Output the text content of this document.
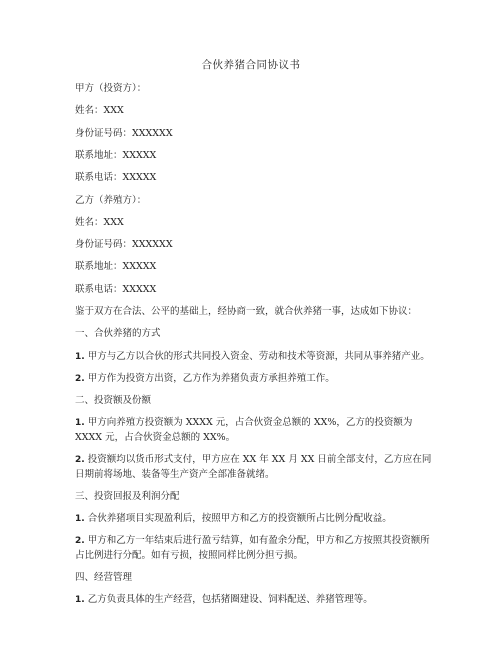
合伙养猪合同协议书
甲方（投资方）：
姓名：XXX
身份证号码：XXXXXX
联系地址：XXXXX
联系电话：XXXXX
乙方（养殖方）：
姓名：XXX
身份证号码：XXXXXX
联系地址：XXXXX
联系电话：XXXXX
鉴于双方在合法、公平的基础上，经协商一致，就合伙养猪一事，达成如下协议：
一、合伙养猪的方式
1. 甲方与乙方以合伙的形式共同投入资金、劳动和技术等资源，共同从事养猪产业。
2. 甲方作为投资方出资，乙方作为养猪负责方承担养殖工作。
二、投资额及份额
1. 甲方向养殖方投资额为 XXXX 元，占合伙资金总额的 XX%，乙方的投资额为 XXXX 元，占合伙资金总额的 XX%。
2. 投资额均以货币形式支付，甲方应在 XX 年 XX 月 XX 日前全部支付，乙方应在同日期前将场地、装备等生产资产全部准备就绪。
三、投资回报及利润分配
1. 合伙养猪项目实现盈利后，按照甲方和乙方的投资额所占比例分配收益。
2. 甲方和乙方一年结束后进行盈亏结算，如有盈余分配，甲方和乙方按照其投资额所占比例进行分配。如有亏损，按照同样比例分担亏损。
四、经营管理
1. 乙方负责具体的生产经营，包括猪圈建设、饲料配送、养猪管理等。
